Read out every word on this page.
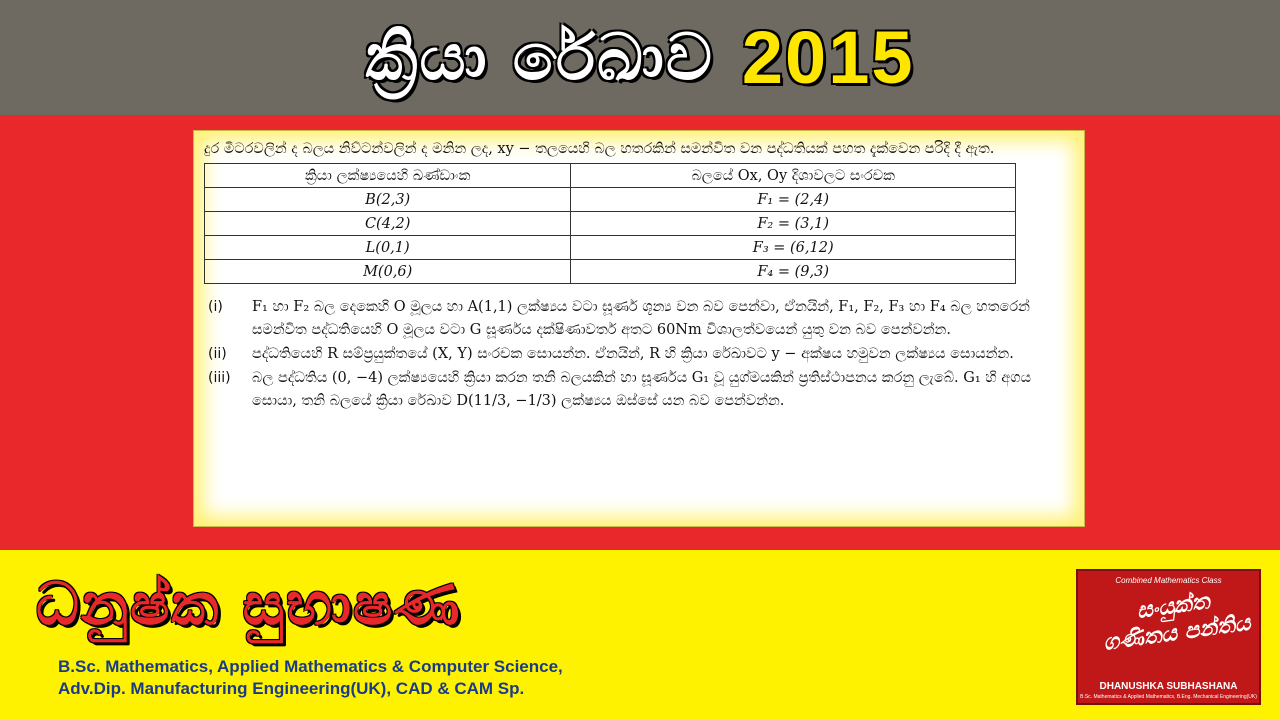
ක්‍රියා රේඛාව 2015

දුර මීටරවලින් ද බලය නිව්ටන්වලින් ද මනින ලද, xy − තලයෙහි බල හතරකින් සමන්විත වන පද්ධතියක් පහත දැක්වෙන පරිදි දී ඇත.

ක්‍රියා ලක්ෂ්‍යයෙහි ඛණ්ඩාංක	බලයේ Ox, Oy දිශාවලට සංරචක
B(2,3)	F₁ = (2,4)
C(4,2)	F₂ = (3,1)
L(0,1)	F₃ = (6,12)
M(0,6)	F₄ = (9,3)
(i)	F₁ හා F₂ බල දෙකෙහි O මූලය හා A(1,1) ලක්ෂ්‍යය වටා ඝූර්ණ ශූන්‍ය වන බව පෙන්වා, ඒනයින්, F₁, F₂, F₃ හා F₄ බල හතරෙන් සමන්විත පද්ධතියෙහි O මූලය වටා G ඝූර්ණය දක්ෂිණාවර්ත අතට 60Nm විශාලත්වයෙන් යුතු වන බව පෙන්වන්න.
(ii)	පද්ධතියෙහි R සම්ප්‍රයුක්තයේ (X, Y) සංරචක සොයන්න. ඒනයින්, R හි ක්‍රියා රේඛාවට y − අක්ෂය හමුවන ලක්ෂ්‍යය සොයන්න.
(iii)	බල පද්ධතිය (0, −4) ලක්ෂ්‍යයෙහි ක්‍රියා කරන තනි බලයකින් හා ඝූර්ණය G₁ වූ යුග්මයකින් ප්‍රතිස්ථාපනය කරනු ලැබේ. G₁ හි අගය සොයා, තනි බලයේ ක්‍රියා රේඛාව D(11/3, −1/3) ලක්ෂ්‍යය ඔස්සේ යන බව පෙන්වන්න.
ධනුෂ්ක සුභාෂණ
B.Sc. Mathematics, Applied Mathematics & Computer Science,
Adv.Dip. Manufacturing Engineering(UK), CAD & CAM Sp.
Combined Mathematics Class
සංයුක්ත ගණිතය පන්තිය
DHANUSHKA SUBHASHANA
B.Sc. Mathematics & Applied Mathematics, B.Eng. Mechanical Engineering(UK)
